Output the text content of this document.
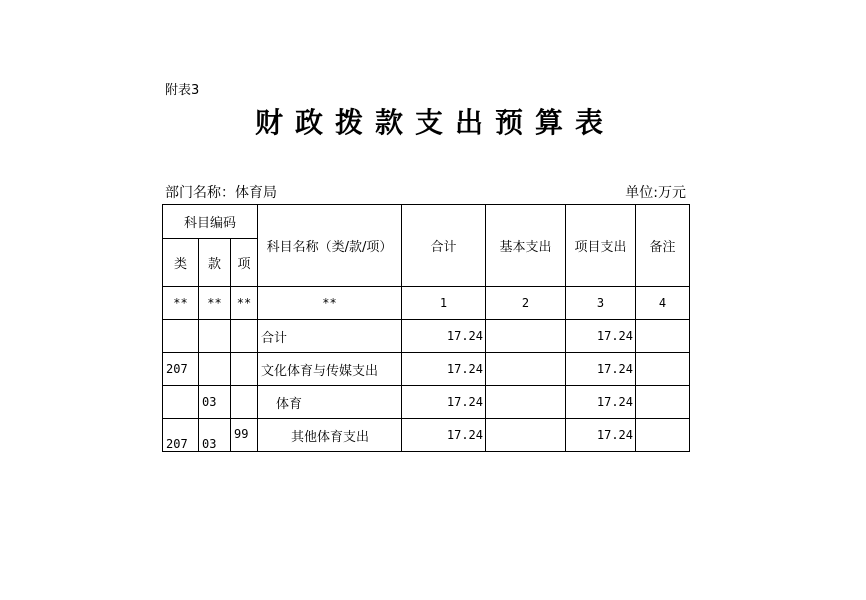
附表3
财政拨款支出预算表
部门名称：体育局	单位:万元
科目编码			科目名称（类/款/项）	合计	基本支出	项目支出	备注
类	款	项					
**	**	**	**	1	2	3	4
			合计	17.24		17.24	
207			文化体育与传媒支出	17.24		17.24	
	03		体育	17.24		17.24	
207	03	99	其他体育支出	17.24		17.24	
